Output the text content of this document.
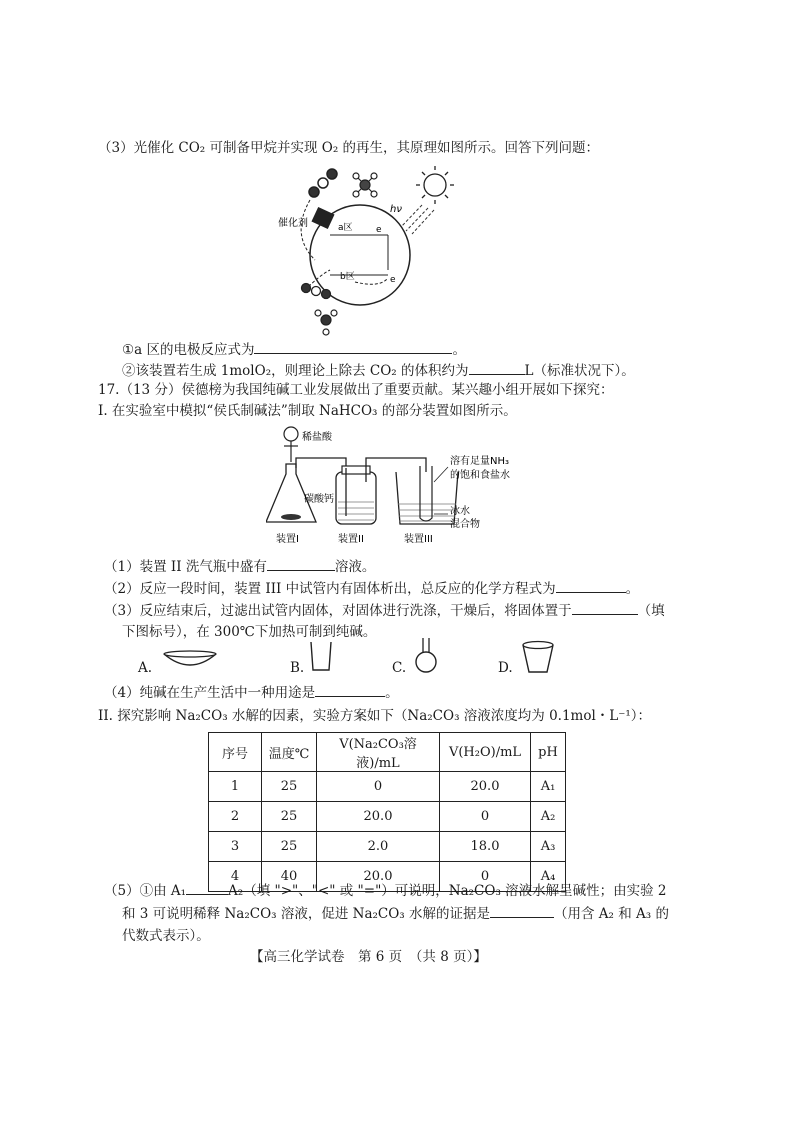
（3）光催化 CO₂ 可制备甲烷并实现 O₂ 的再生，其原理如图所示。回答下列问题：
hν
催化剂	a区
b区
e
e
①a 区的电极反应式为	。
②该装置若生成 1molO₂，则理论上除去 CO₂ 的体积约为	L（标准状况下）。
17.（13 分）侯德榜为我国纯碱工业发展做出了重要贡献。某兴趣小组开展如下探究：
I. 在实验室中模拟“侯氏制碱法”制取 NaHCO₃ 的部分装置如图所示。
稀盐酸
碳酸钙
溶有足量NH₃
的饱和食盐水
冰水
混合物
装置I	装置II	装置III
（1）装置 II 洗气瓶中盛有	溶液。
（2）反应一段时间，装置 III 中试管内有固体析出，总反应的化学方程式为	。
（3）反应结束后，过滤出试管内固体，对固体进行洗涤，干燥后，将固体置于	（填
下图标号），在 300℃下加热可制到纯碱。
A.	B.	C.	D.
（4）纯碱在生产生活中一种用途是	。
II. 探究影响 Na₂CO₃ 水解的因素，实验方案如下（Na₂CO₃ 溶液浓度均为 0.1mol・L⁻¹）：
序号	温度℃	V(Na₂CO₃溶液)/mL	V(H₂O)/mL	pH
1	25	0	20.0	A₁
2	25	20.0	0	A₂
3	25	2.0	18.0	A₃
4	40	20.0	0	A₄
（5）①由 A₁	A₂（填 ">"、"<" 或 "="）可说明，Na₂CO₃ 溶液水解呈碱性；由实验 2
和 3 可说明稀释 Na₂CO₃ 溶液，促进 Na₂CO₃ 水解的证据是	（用含 A₂ 和 A₃ 的
代数式表示）。
【高三化学试卷　第 6 页　（共 8 页）】
